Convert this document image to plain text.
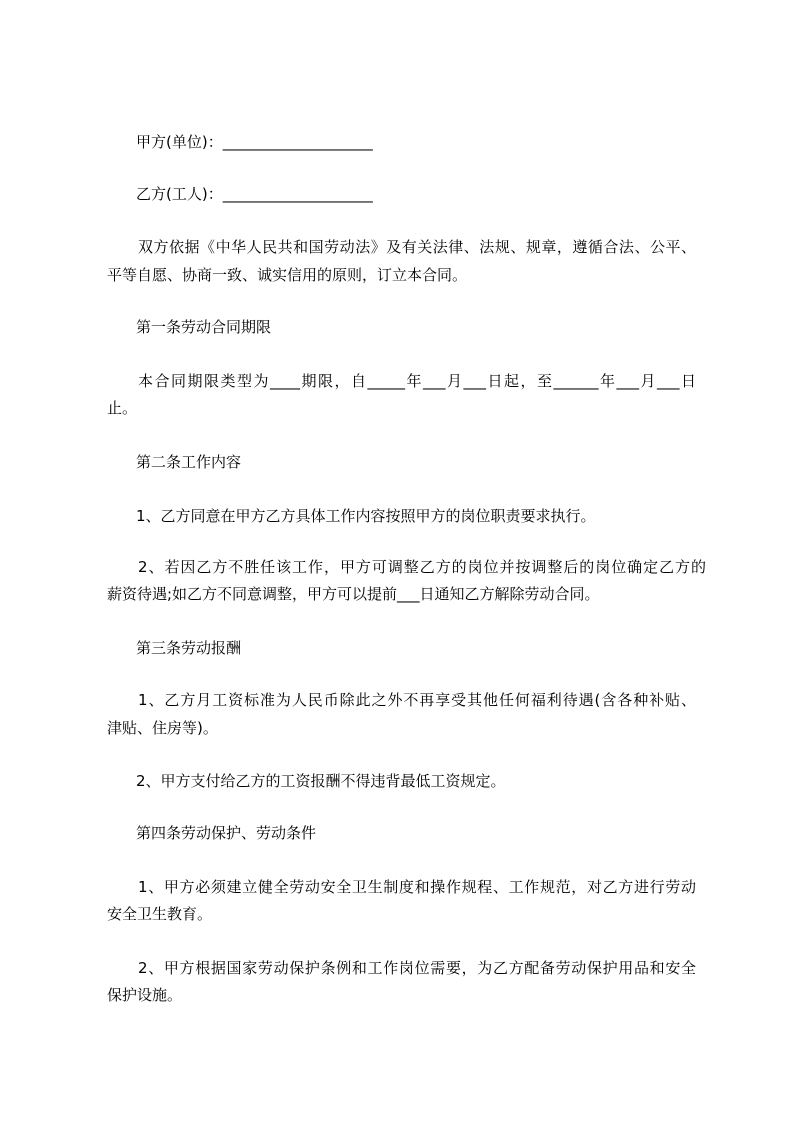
甲方(单位)：____________________
乙方(工人)：____________________
双方依据《中华人民共和国劳动法》及有关法律、法规、规章，遵循合法、公平、
平等自愿、协商一致、诚实信用的原则，订立本合同。
第一条劳动合同期限
本合同期限类型为____期限，自_____年___月___日起，至______年___月___日
止。
第二条工作内容
1、乙方同意在甲方乙方具体工作内容按照甲方的岗位职责要求执行。
2、若因乙方不胜任该工作，甲方可调整乙方的岗位并按调整后的岗位确定乙方的
薪资待遇;如乙方不同意调整，甲方可以提前___日通知乙方解除劳动合同。
第三条劳动报酬
1、乙方月工资标准为人民币除此之外不再享受其他任何福利待遇(含各种补贴、
津贴、住房等)。
2、甲方支付给乙方的工资报酬不得违背最低工资规定。
第四条劳动保护、劳动条件
1、甲方必须建立健全劳动安全卫生制度和操作规程、工作规范，对乙方进行劳动
安全卫生教育。
2、甲方根据国家劳动保护条例和工作岗位需要，为乙方配备劳动保护用品和安全
保护设施。
